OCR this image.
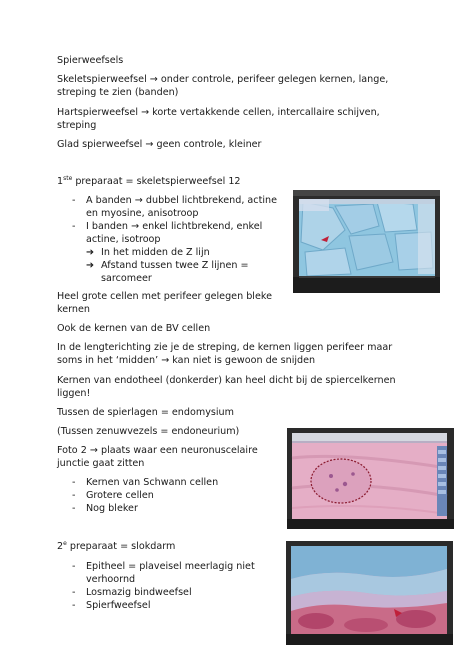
Spierweefsels
Skeletspierweefsel → onder controle, perifeer gelegen kernen, lange,
streping te zien (banden)
Hartspierweefsel → korte vertakkende cellen, intercallaire schijven,
streping
Glad spierweefsel → geen controle, kleiner
1ste preparaat = skeletspierweefsel 12
- A banden → dubbel lichtbrekend, actine
en myosine, anisotroop
- I banden → enkel lichtbrekend, enkel
actine, isotroop
➔ In het midden de Z lijn
➔ Afstand tussen twee Z lijnen =
sarcomeer
Heel grote cellen met perifeer gelegen bleke
kernen
Ook de kernen van de BV cellen
In de lengterichting zie je de streping, de kernen liggen perifeer maar
soms in het ‘midden’ → kan niet is gewoon de snijden
Kernen van endotheel (donkerder) kan heel dicht bij de spiercelkernen
liggen!
Tussen de spierlagen = endomysium
(Tussen zenuwvezels = endoneurium)
Foto 2 → plaats waar een neuronuscelaire
junctie gaat zitten
- Kernen van Schwann cellen
- Grotere cellen
- Nog bleker
2e preparaat = slokdarm
- Epitheel = plaveisel meerlagig niet
verhoornd
- Losmazig bindweefsel
- Spierfweefsel
